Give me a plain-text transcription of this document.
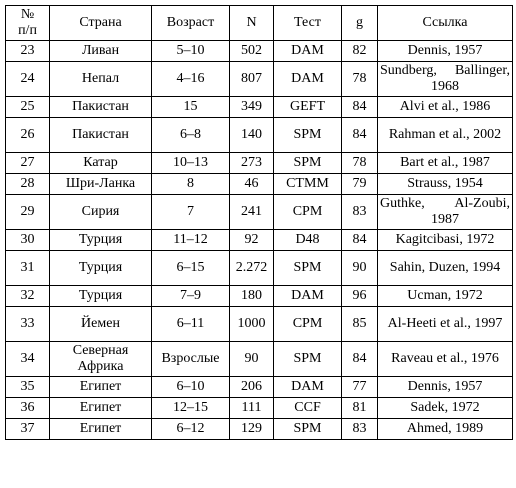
№
п/п	Страна	Возраст	N	Тест	g	Ссылка
23	Ливан	5–10	502	DAM	82	Dennis, 1957
24	Непал	4–16	807	DAM	78	Sundberg, Ballinger, 1968
25	Пакистан	15	349	GEFT	84	Alvi et al., 1986
26	Пакистан	6–8	140	SPM	84	Rahman et al., 2002
27	Катар	10–13	273	SPM	78	Bart et al., 1987
28	Шри-Ланка	8	46	CTMM	79	Strauss, 1954
29	Сирия	7	241	CPM	83	Guthke, Al-Zoubi, 1987
30	Турция	11–12	92	D48	84	Kagitcibasi, 1972
31	Турция	6–15	2.272	SPM	90	Sahin, Duzen, 1994
32	Турция	7–9	180	DAM	96	Ucman, 1972
33	Йемен	6–11	1000	CPM	85	Al-Heeti et al., 1997
34	Северная Африка	Взрослые	90	SPM	84	Raveau et al., 1976
35	Египет	6–10	206	DAM	77	Dennis, 1957
36	Египет	12–15	111	CCF	81	Sadek, 1972
37	Египет	6–12	129	SPM	83	Ahmed, 1989
